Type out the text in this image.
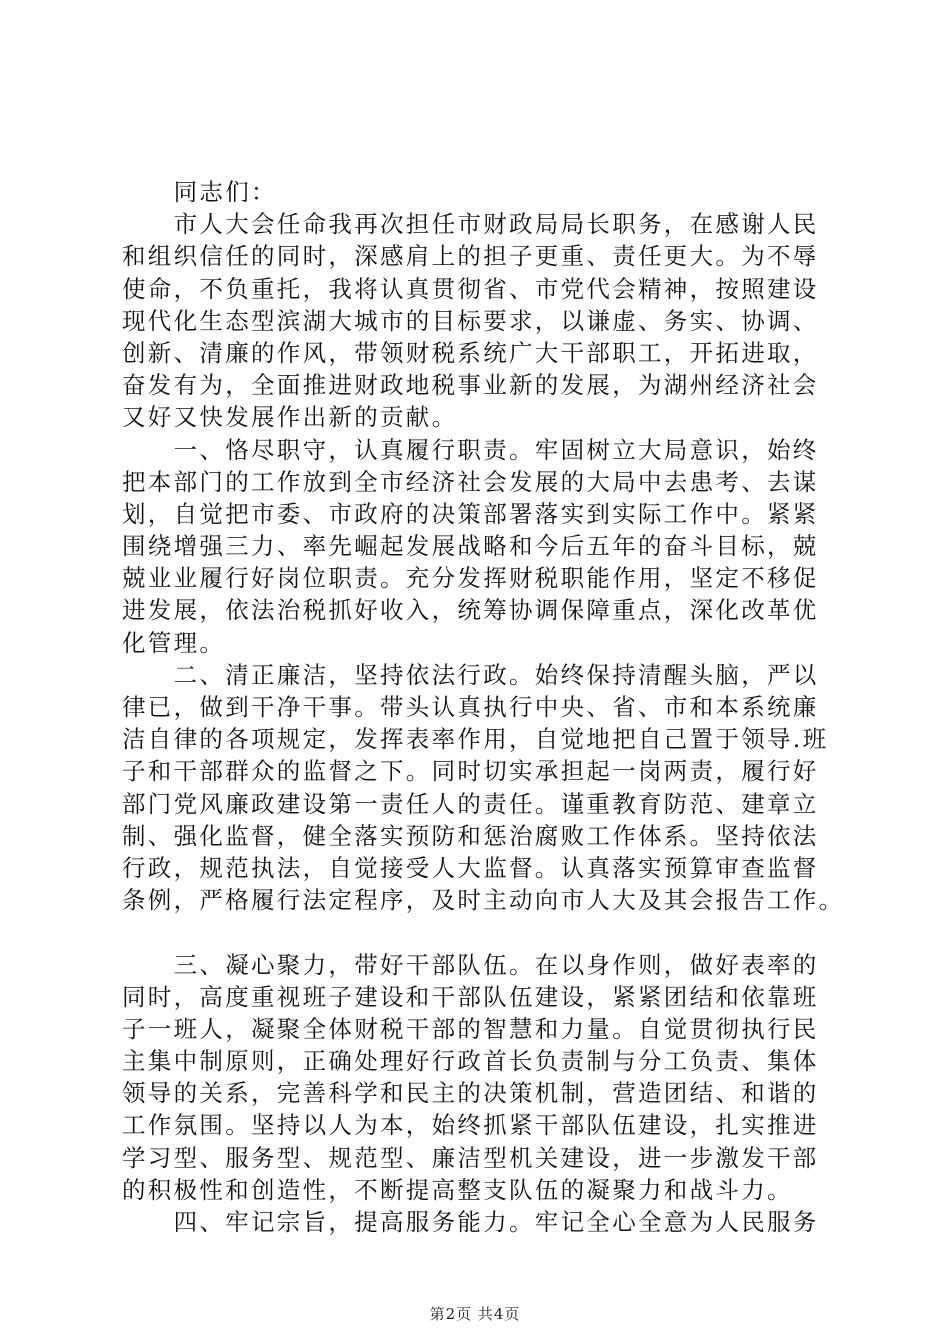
　　同志们：
　　市人大会任命我再次担任市财政局局长职务，在感谢人民
和组织信任的同时，深感肩上的担子更重、责任更大。为不辱
使命，不负重托，我将认真贯彻省、市党代会精神，按照建设
现代化生态型滨湖大城市的目标要求，以谦虚、务实、协调、
创新、清廉的作风，带领财税系统广大干部职工，开拓进取，
奋发有为，全面推进财政地税事业新的发展，为湖州经济社会
又好又快发展作出新的贡献。
　　一、恪尽职守，认真履行职责。牢固树立大局意识，始终
把本部门的工作放到全市经济社会发展的大局中去患考、去谋
划，自觉把市委、市政府的决策部署落实到实际工作中。紧紧
围绕增强三力、率先崛起发展战略和今后五年的奋斗目标，兢
兢业业履行好岗位职责。充分发挥财税职能作用，坚定不移促
进发展，依法治税抓好收入，统筹协调保障重点，深化改革优
化管理。
　　二、清正廉洁，坚持依法行政。始终保持清醒头脑，严以
律已，做到干净干事。带头认真执行中央、省、市和本系统廉
洁自律的各项规定，发挥表率作用，自觉地把自己置于领导.班
子和干部群众的监督之下。同时切实承担起一岗两责，履行好
部门党风廉政建设第一责任人的责任。谨重教育防范、建章立
制、强化监督，健全落实预防和惩治腐败工作体系。坚持依法
行政，规范执法，自觉接受人大监督。认真落实预算审查监督
条例，严格履行法定程序，及时主动向市人大及其会报告工作。
　　三、凝心聚力，带好干部队伍。在以身作则，做好表率的
同时，高度重视班子建设和干部队伍建设，紧紧团结和依靠班
子一班人，凝聚全体财税干部的智慧和力量。自觉贯彻执行民
主集中制原则，正确处理好行政首长负责制与分工负责、集体
领导的关系，完善科学和民主的决策机制，营造团结、和谐的
工作氛围。坚持以人为本，始终抓紧干部队伍建设，扎实推进
学习型、服务型、规范型、廉洁型机关建设，进一步激发干部
的积极性和创造性，不断提高整支队伍的凝聚力和战斗力。
　　四、牢记宗旨，提高服务能力。牢记全心全意为人民服务
第2页 共4页
